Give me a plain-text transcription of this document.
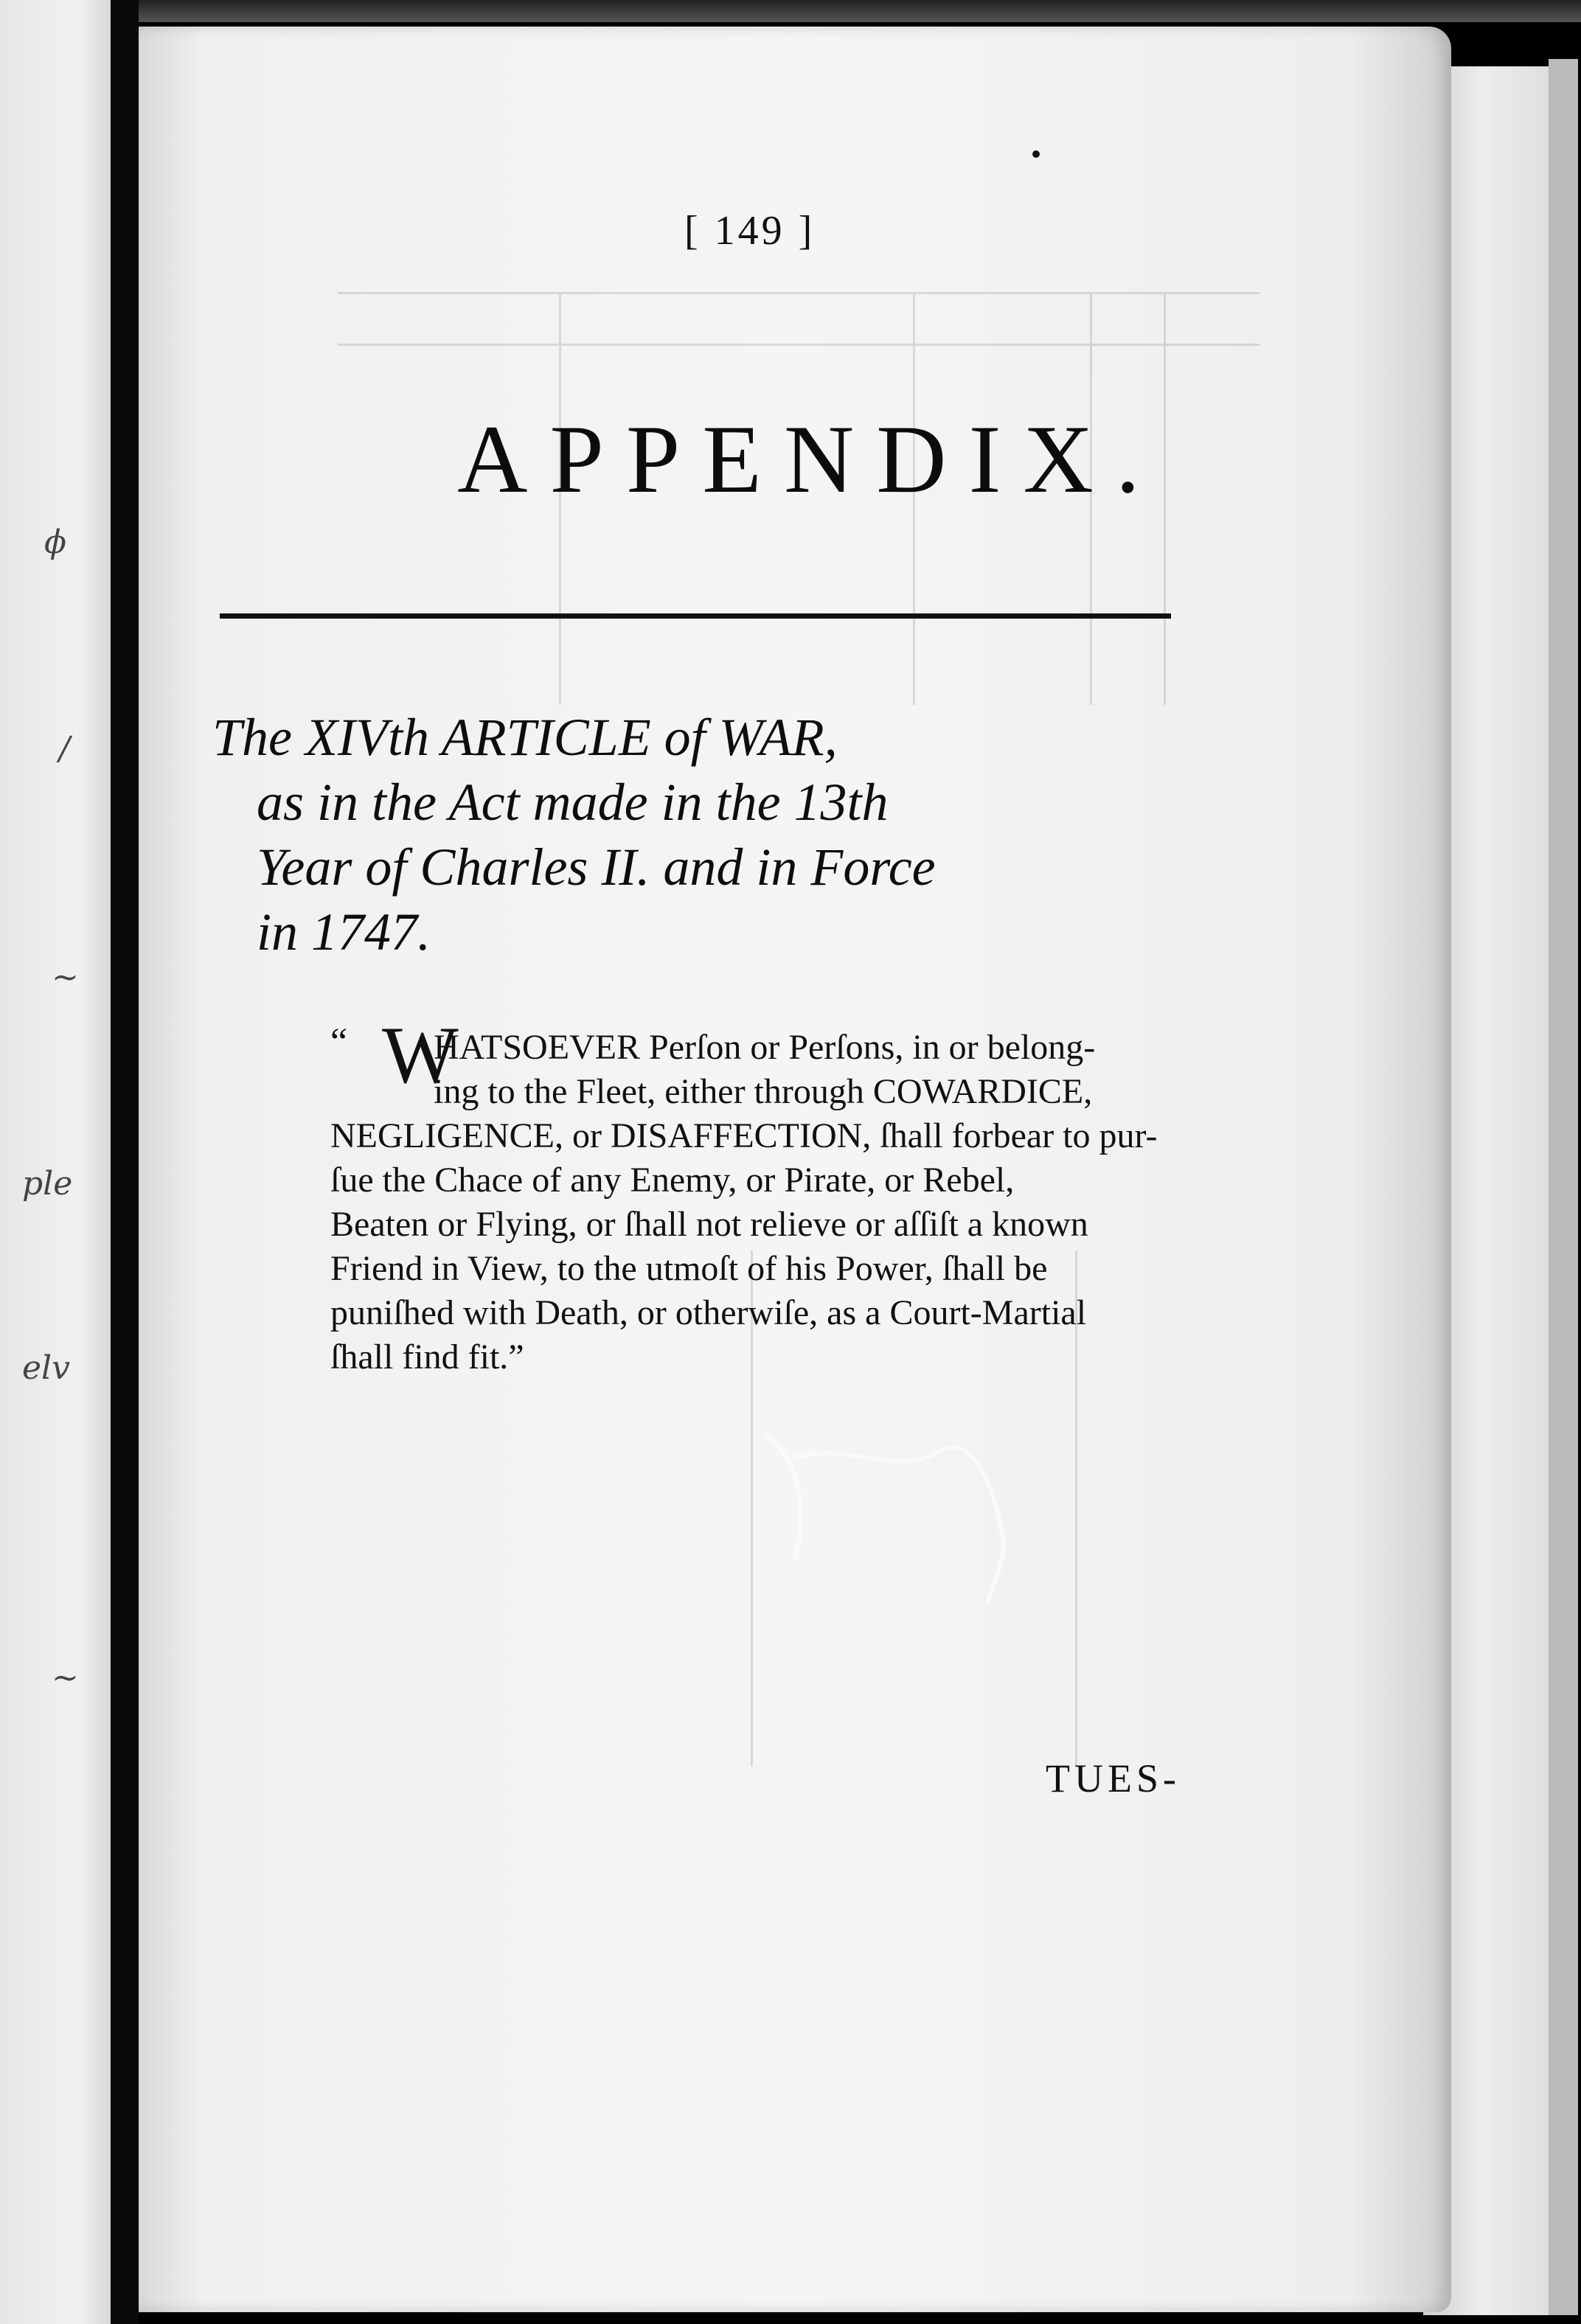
ϕ
/
~
ple
elv
~
[ 149 ]
APPENDIX.
The XIVth ARTICLE of WAR,
as in the Act made in the 13th
Year of Charles II. and in Force
in 1747.
“ W
HATSOEVER Perſon or Perſons, in or belong-
ing to the Fleet, either through COWARDICE,
NEGLIGENCE, or DISAFFECTION, ſhall forbear to pur-
ſue the Chace of any Enemy, or Pirate, or Rebel,
Beaten or Flying, or ſhall not relieve or aſſiſt a known
Friend in View, to the utmoſt of his Power, ſhall be
puniſhed with Death, or otherwiſe, as a Court-Martial
ſhall find fit.”
TUES-
